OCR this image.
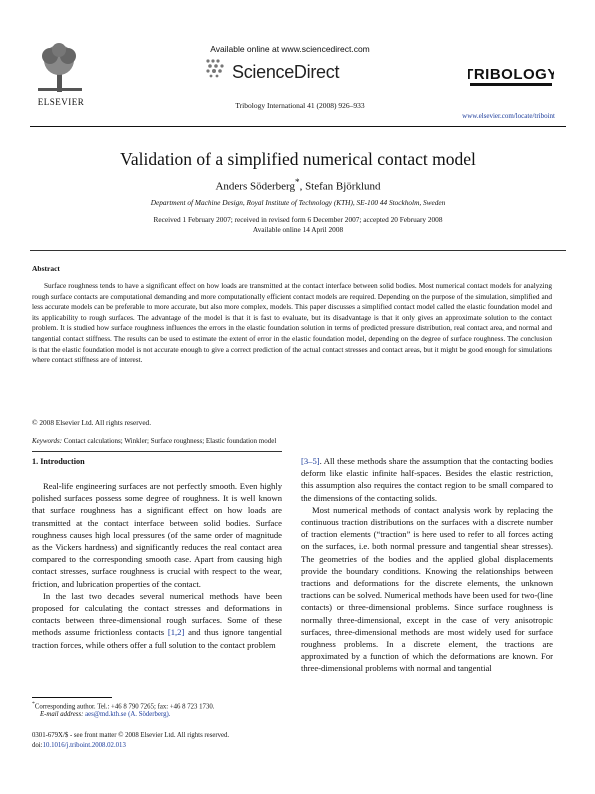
ELSEVIER
Available online at www.sciencedirect.com
ScienceDirect
Tribology International 41 (2008) 926–933
TRIBOLOGY
www.elsevier.com/locate/triboint
Validation of a simplified numerical contact model
Anders Söderberg*, Stefan Björklund
Department of Machine Design, Royal Institute of Technology (KTH), SE-100 44 Stockholm, Sweden
Received 1 February 2007; received in revised form 6 December 2007; accepted 20 February 2008
Available online 14 April 2008
Abstract
Surface roughness tends to have a significant effect on how loads are transmitted at the contact interface between solid bodies. Most numerical contact models for analyzing rough surface contacts are computational demanding and more computationally efficient contact models are required. Depending on the purpose of the simulation, simplified and less accurate models can be preferable to more accurate, but also more complex, models. This paper discusses a simplified contact model called the elastic foundation model and its applicability to rough surfaces. The advantage of the model is that it is fast to evaluate, but its disadvantage is that it only gives an approximate solution to the contact problem. It is studied how surface roughness influences the errors in the elastic foundation solution in terms of predicted pressure distribution, real contact area, and normal and tangential contact stiffness. The results can be used to estimate the extent of error in the elastic foundation model, depending on the degree of surface roughness. The conclusion is that the elastic foundation model is not accurate enough to give a correct prediction of the actual contact stresses and contact areas, but it might be good enough for simulations where contact stiffness are of interest.
© 2008 Elsevier Ltd. All rights reserved.
Keywords: Contact calculations; Winkler; Surface roughness; Elastic foundation model
1. Introduction

Real-life engineering surfaces are not perfectly smooth. Even highly polished surfaces possess some degree of roughness. It is well known that surface roughness has a significant effect on how loads are transmitted at the contact interface between solid bodies. Surface roughness causes high local pressures (of the same order of magnitude as the Vickers hardness) and significantly reduces the real contact area compared to the corresponding smooth case. Apart from causing high contact stresses, surface roughness is crucial with respect to the wear, friction, and lubrication properties of the contact.

In the last two decades several numerical methods have been proposed for calculating the contact stresses and deformations in contacts between three-dimensional rough surfaces. Some of these methods assume frictionless contacts [1,2] and thus ignore tangential traction forces, while others offer a full solution to the contact problem

[3–5]. All these methods share the assumption that the contacting bodies deform like elastic infinite half-spaces. Besides the elastic restriction, this assumption also requires the contact region to be small compared to the dimensions of the contacting solids.

Most numerical methods of contact analysis work by replacing the continuous traction distributions on the surfaces with a discrete number of traction elements (“traction” is here used to refer to all forces acting on the surfaces, i.e. both normal pressure and tangential shear stresses). The geometries of the bodies and the applied global displacements provide the boundary conditions. Knowing the relationships between tractions and deformations for the discrete elements, the unknown tractions can be solved. Numerical methods have been used for two-(line contacts) or three-dimensional problems. Since surface roughness is normally three-dimensional, except in the case of very anisotropic surfaces, three-dimensional methods are most widely used for surface roughness problems. In a discrete element, the tractions are approximated by a function of which the deformations are known. For three-dimensional problems with normal and tangential

*Corresponding author. Tel.: +46 8 790 7265; fax: +46 8 723 1730.
E-mail address: aes@md.kth.se (A. Söderberg).
0301-679X/$ - see front matter © 2008 Elsevier Ltd. All rights reserved.
doi:10.1016/j.triboint.2008.02.013
